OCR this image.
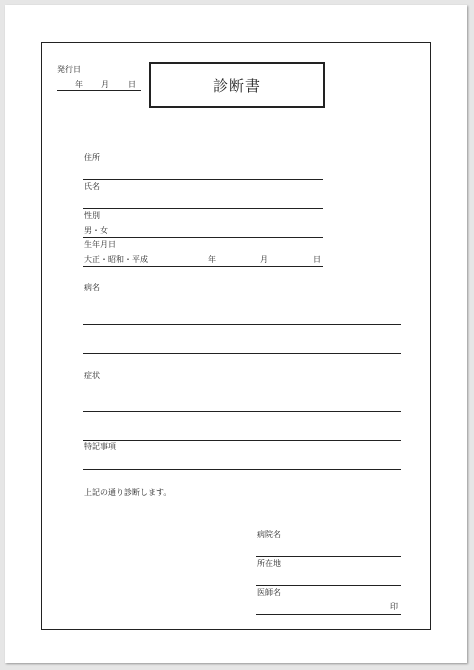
発行日
年 月 日	診断書
住所
氏名
性別
男・女
生年月日
大正・昭和・平成	年	月	日
病名
症状
特記事項
上記の通り診断します。
病院名
所在地
医師名
印
